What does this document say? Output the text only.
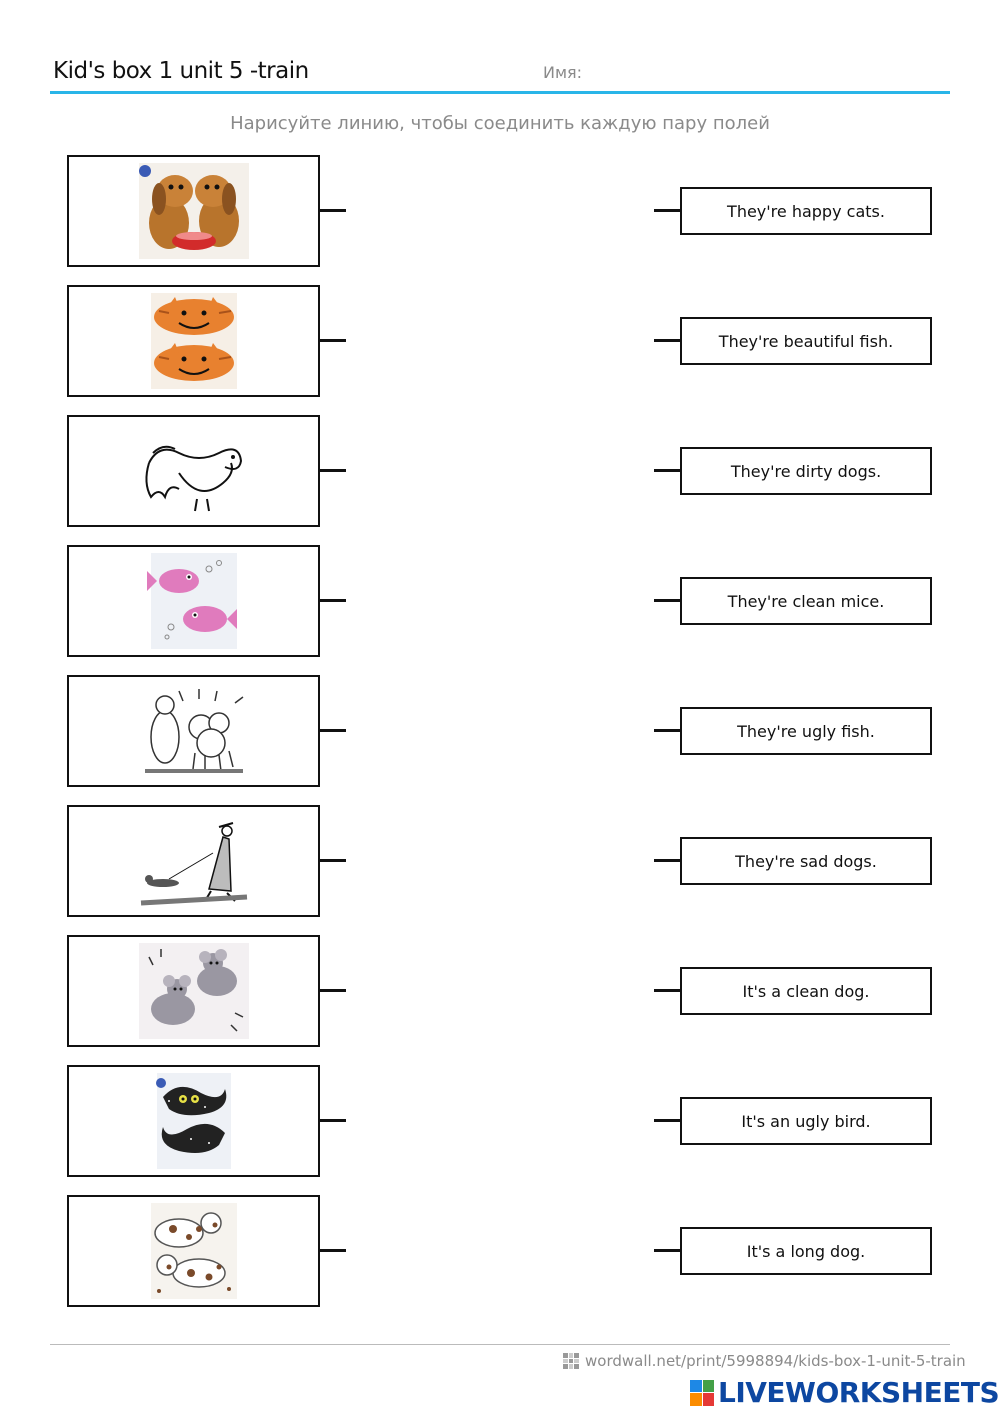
Kid's box 1 unit 5 -train	Имя:
Нарисуйте линию, чтобы соединить каждую пару полей
They're happy cats.
They're beautiful fish.
They're dirty dogs.
They're clean mice.
They're ugly fish.
They're sad dogs.
It's a clean dog.
It's an ugly bird.
It's a long dog.
wordwall.net/print/5998894/kids-box-1-unit-5-train
LIVEWORKSHEETS
